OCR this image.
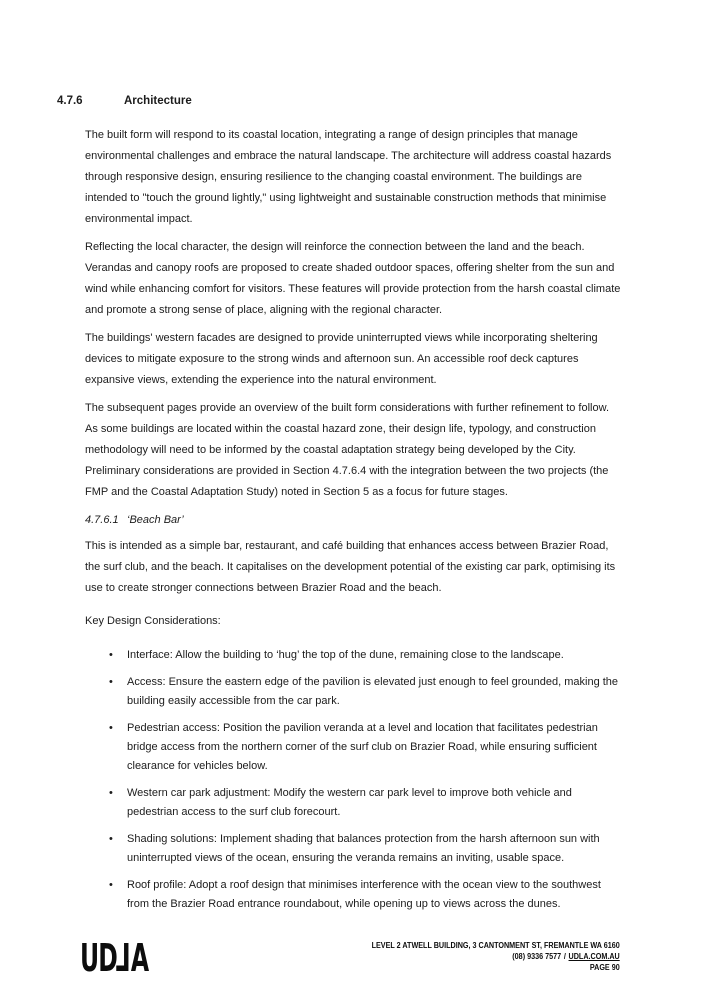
4.7.6	Architecture

The built form will respond to its coastal location, integrating a range of design principles that manage environmental challenges and embrace the natural landscape. The architecture will address coastal hazards through responsive design, ensuring resilience to the changing coastal environment. The buildings are intended to "touch the ground lightly," using lightweight and sustainable construction methods that minimise environmental impact.

Reflecting the local character, the design will reinforce the connection between the land and the beach. Verandas and canopy roofs are proposed to create shaded outdoor spaces, offering shelter from the sun and wind while enhancing comfort for visitors. These features will provide protection from the harsh coastal climate and promote a strong sense of place, aligning with the regional character.

The buildings' western facades are designed to provide uninterrupted views while incorporating sheltering devices to mitigate exposure to the strong winds and afternoon sun. An accessible roof deck captures expansive views, extending the experience into the natural environment.

The subsequent pages provide an overview of the built form considerations with further refinement to follow. As some buildings are located within the coastal hazard zone, their design life, typology, and construction methodology will need to be informed by the coastal adaptation strategy being developed by the City. Preliminary considerations are provided in Section 4.7.6.4 with the integration between the two projects (the FMP and the Coastal Adaptation Study) noted in Section 5 as a focus for future stages.

4.7.6.1 ‘Beach Bar’

This is intended as a simple bar, restaurant, and café building that enhances access between Brazier Road, the surf club, and the beach. It capitalises on the development potential of the existing car park, optimising its use to create stronger connections between Brazier Road and the beach.

Key Design Considerations:

• Interface: Allow the building to ‘hug’ the top of the dune, remaining close to the landscape.
• Access: Ensure the eastern edge of the pavilion is elevated just enough to feel grounded, making the building easily accessible from the car park.
• Pedestrian access: Position the pavilion veranda at a level and location that facilitates pedestrian bridge access from the northern corner of the surf club on Brazier Road, while ensuring sufficient clearance for vehicles below.
• Western car park adjustment: Modify the western car park level to improve both vehicle and pedestrian access to the surf club forecourt.
• Shading solutions: Implement shading that balances protection from the harsh afternoon sun with uninterrupted views of the ocean, ensuring the veranda remains an inviting, usable space.
• Roof profile: Adopt a roof design that minimises interference with the ocean view to the southwest from the Brazier Road entrance roundabout, while opening up to views across the dunes.
UDLA	LEVEL 2 ATWELL BUILDING, 3 CANTONMENT ST, FREMANTLE WA 6160
(08) 9336 7577 / UDLA.COM.AU
PAGE 90
